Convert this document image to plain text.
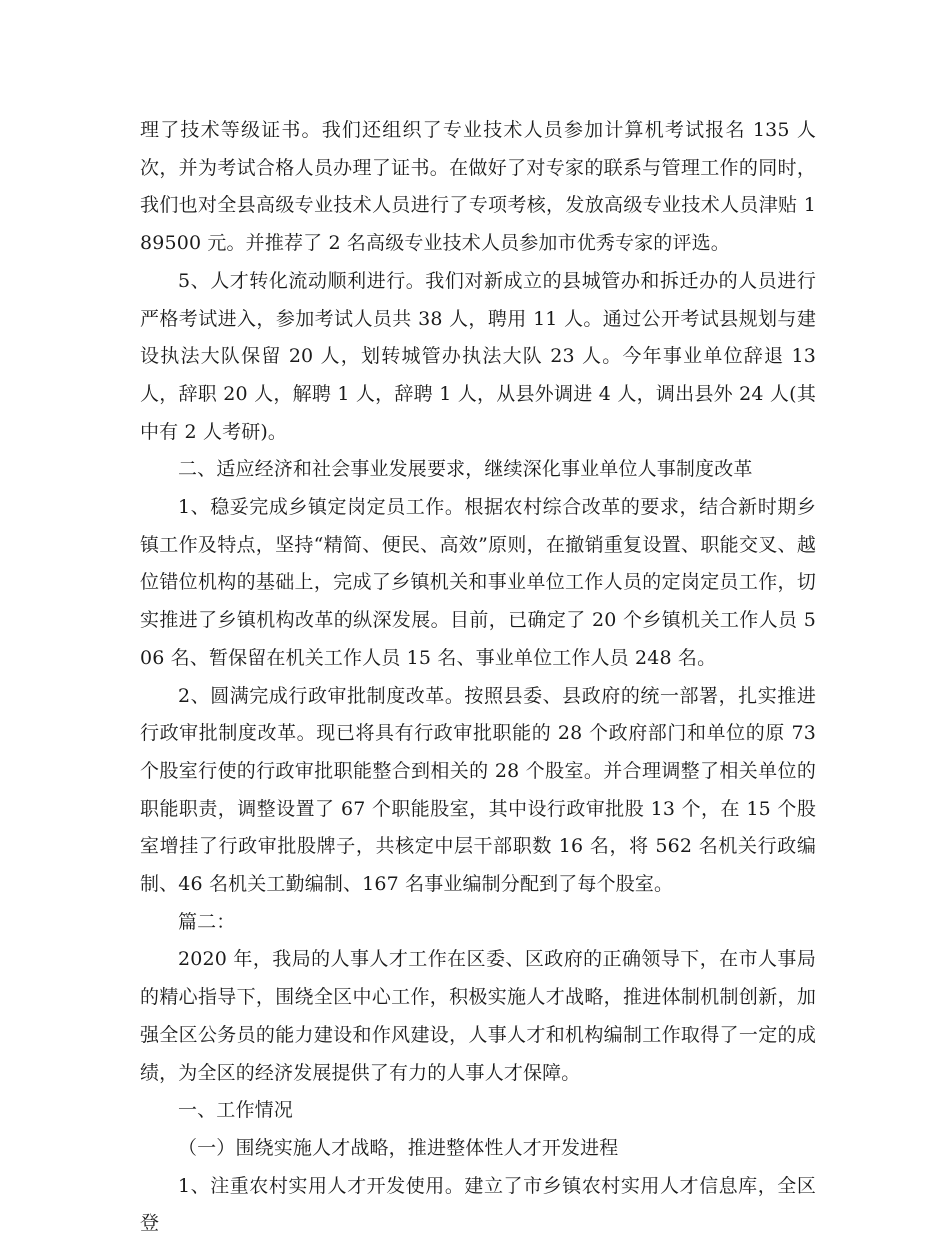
理了技术等级证书。我们还组织了专业技术人员参加计算机考试报名 135 人次，并为考试合格人员办理了证书。在做好了对专家的联系与管理工作的同时，我们也对全县高级专业技术人员进行了专项考核，发放高级专业技术人员津贴 189500 元。并推荐了 2 名高级专业技术人员参加市优秀专家的评选。

5、人才转化流动顺利进行。我们对新成立的县城管办和拆迁办的人员进行严格考试进入，参加考试人员共 38 人，聘用 11 人。通过公开考试县规划与建设执法大队保留 20 人，划转城管办执法大队 23 人。今年事业单位辞退 13 人，辞职 20 人，解聘 1 人，辞聘 1 人，从县外调进 4 人，调出县外 24 人(其中有 2 人考研)。

二、适应经济和社会事业发展要求，继续深化事业单位人事制度改革

1、稳妥完成乡镇定岗定员工作。根据农村综合改革的要求，结合新时期乡镇工作及特点，坚持“精简、便民、高效”原则，在撤销重复设置、职能交叉、越位错位机构的基础上，完成了乡镇机关和事业单位工作人员的定岗定员工作，切实推进了乡镇机构改革的纵深发展。目前，已确定了 20 个乡镇机关工作人员 506 名、暂保留在机关工作人员 15 名、事业单位工作人员 248 名。

2、圆满完成行政审批制度改革。按照县委、县政府的统一部署，扎实推进行政审批制度改革。现已将具有行政审批职能的 28 个政府部门和单位的原 73 个股室行使的行政审批职能整合到相关的 28 个股室。并合理调整了相关单位的职能职责，调整设置了 67 个职能股室，其中设行政审批股 13 个，在 15 个股室增挂了行政审批股牌子，共核定中层干部职数 16 名，将 562 名机关行政编制、46 名机关工勤编制、167 名事业编制分配到了每个股室。

篇二：

2020 年，我局的人事人才工作在区委、区政府的正确领导下，在市人事局的精心指导下，围绕全区中心工作，积极实施人才战略，推进体制机制创新，加强全区公务员的能力建设和作风建设，人事人才和机构编制工作取得了一定的成绩，为全区的经济发展提供了有力的人事人才保障。

一、工作情况

（一）围绕实施人才战略，推进整体性人才开发进程

1、注重农村实用人才开发使用。建立了市乡镇农村实用人才信息库，全区登
